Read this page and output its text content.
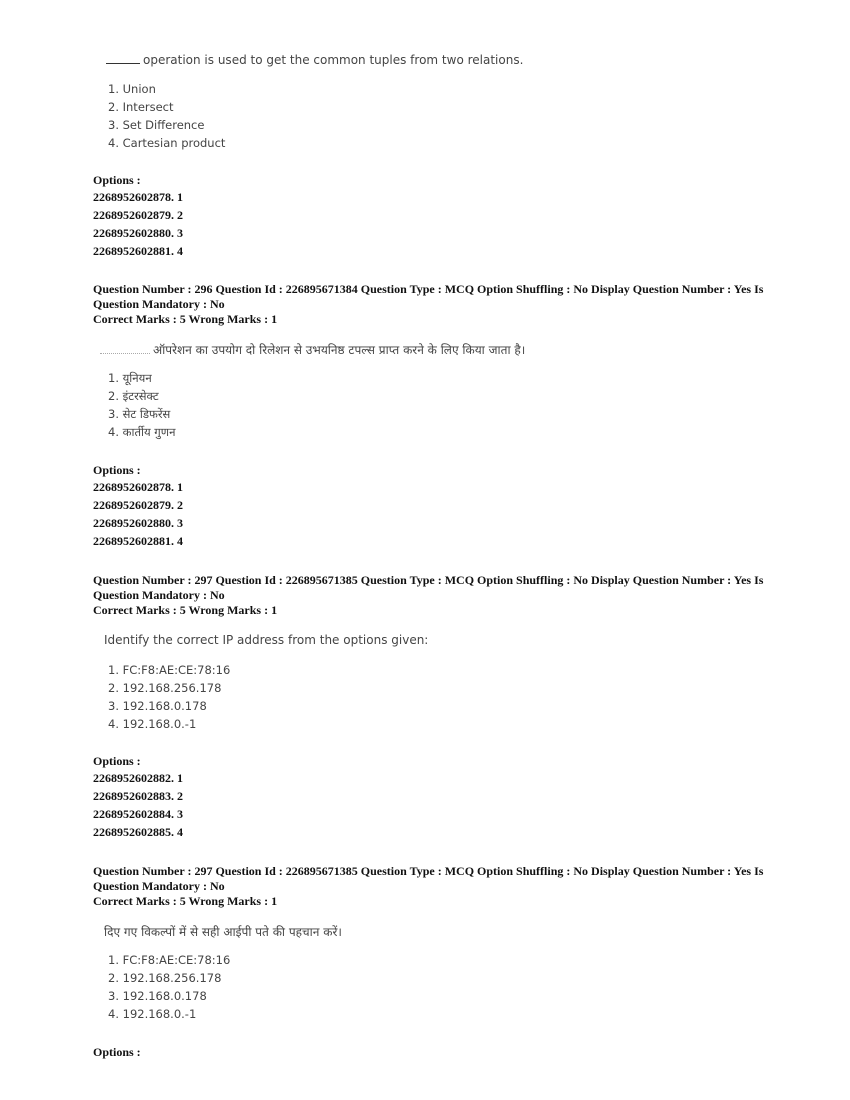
operation is used to get the common tuples from two relations.
1. Union
2. Intersect
3. Set Difference
4. Cartesian product
Options :
2268952602878. 1
2268952602879. 2
2268952602880. 3
2268952602881. 4
Question Number : 296 Question Id : 226895671384 Question Type : MCQ Option Shuffling : No Display Question Number : Yes Is
Question Mandatory : No
Correct Marks : 5 Wrong Marks : 1
ऑपरेशन का उपयोग दो रिलेशन से उभयनिष्ठ टपल्स प्राप्त करने के लिए किया जाता है।
1. यूनियन
2. इंटरसेक्ट
3. सेट डिफरेंस
4. कार्तीय गुणन
Options :
2268952602878. 1
2268952602879. 2
2268952602880. 3
2268952602881. 4
Question Number : 297 Question Id : 226895671385 Question Type : MCQ Option Shuffling : No Display Question Number : Yes Is
Question Mandatory : No
Correct Marks : 5 Wrong Marks : 1
Identify the correct IP address from the options given:
1. FC:F8:AE:CE:78:16
2. 192.168.256.178
3. 192.168.0.178
4. 192.168.0.-1
Options :
2268952602882. 1
2268952602883. 2
2268952602884. 3
2268952602885. 4
Question Number : 297 Question Id : 226895671385 Question Type : MCQ Option Shuffling : No Display Question Number : Yes Is
Question Mandatory : No
Correct Marks : 5 Wrong Marks : 1
दिए गए विकल्पों में से सही आईपी पते की पहचान करें।
1. FC:F8:AE:CE:78:16
2. 192.168.256.178
3. 192.168.0.178
4. 192.168.0.-1
Options :
